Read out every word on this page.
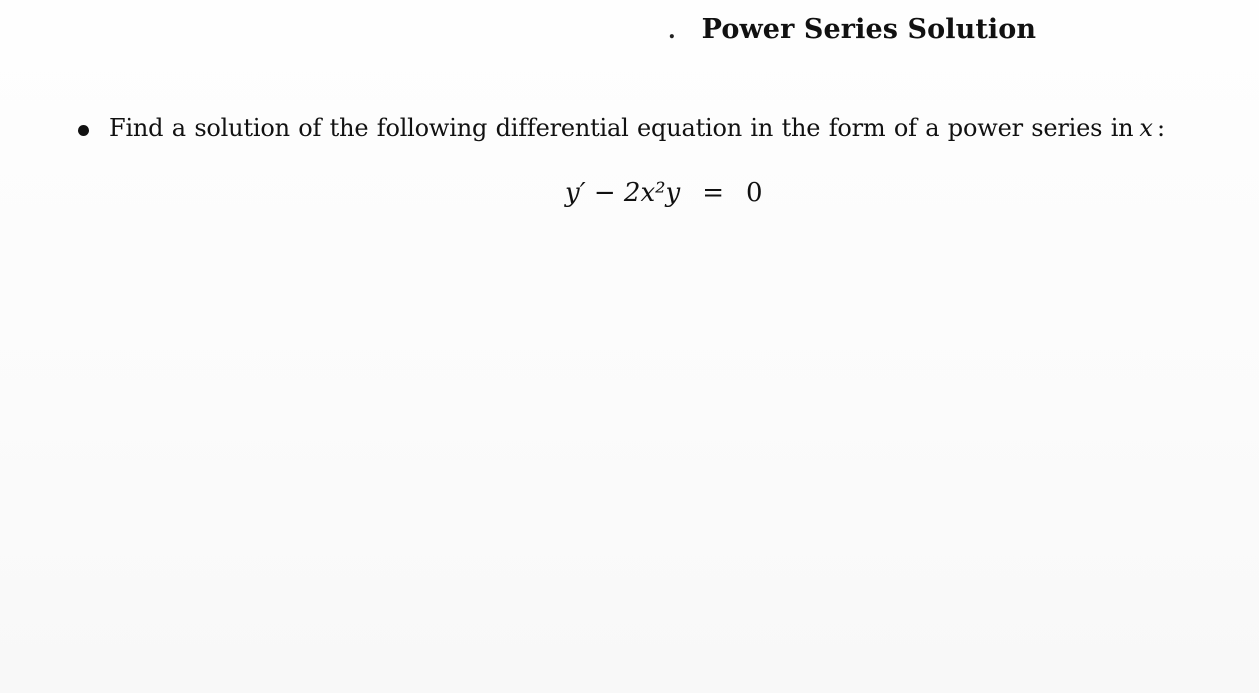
. Power Series Solution
Find a solution of the following differential equation in the form of a power series in x :
y′ − 2x²y = 0
